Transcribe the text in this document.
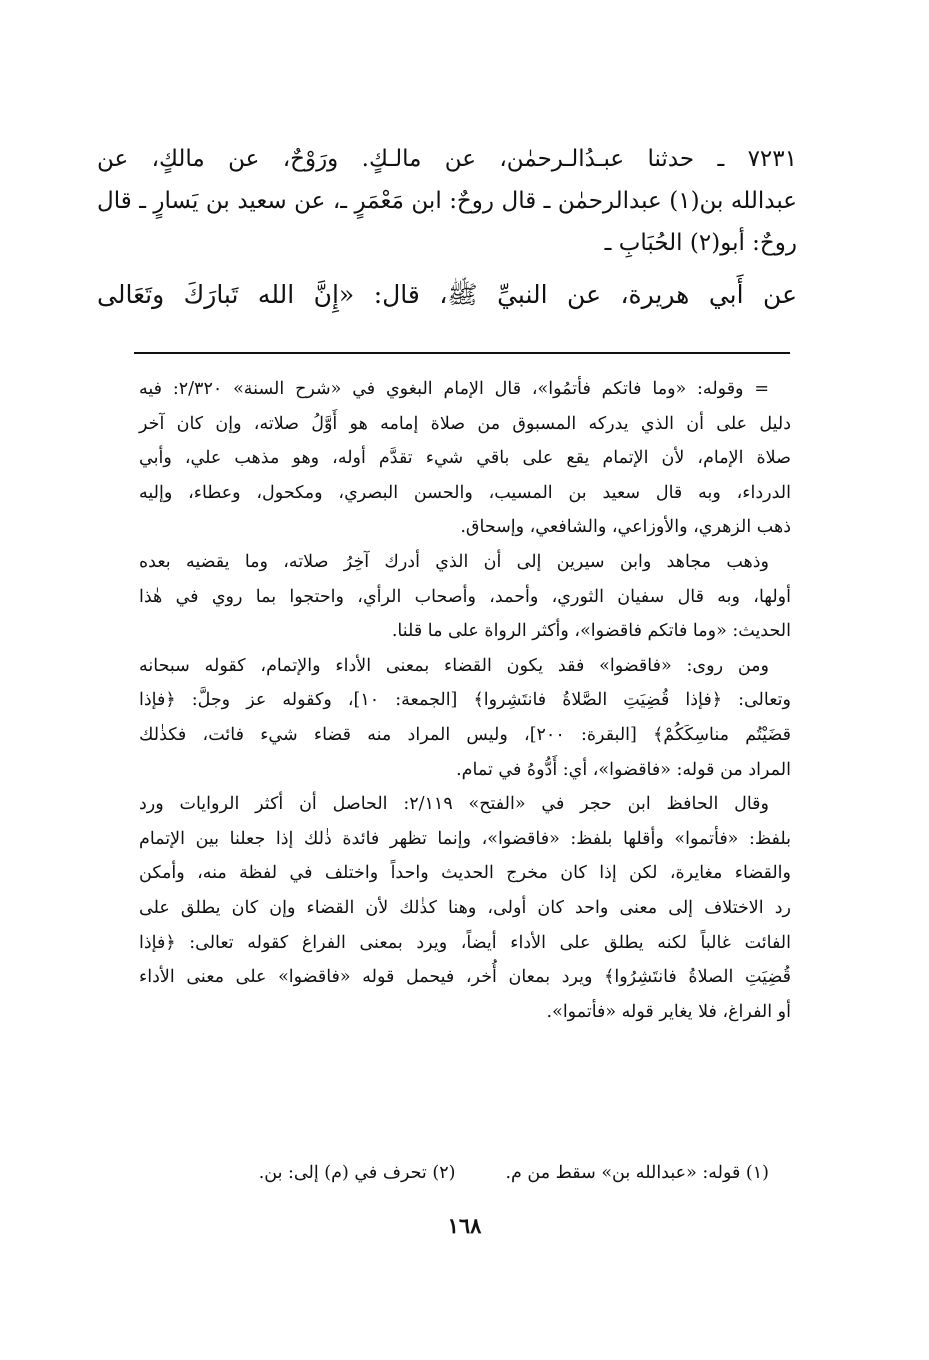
٧٢٣١ ـ حدثنا عبـدُالـرحمٰن، عن مالـكٍ. ورَوْحٌ، عن مالكٍ، عن
عبدالله بن(١) عبدالرحمٰن ـ قال روحٌ: ابن مَعْمَرٍ ـ، عن سعيد بن يَسارٍ ـ قال
روحٌ: أبو(٢) الحُبَابِ ـ
عن أَبي هريرة، عن النبيِّ ﷺ، قال: «إِنَّ الله تَبارَكَ وتَعَالى
= وقوله: «وما فاتكم فأتمُوا»، قال الإمام البغوي في «شرح السنة» ٢/٣٢٠: فيه
دليل على أن الذي يدركه المسبوق من صلاة إمامه هو أَوَّلُ صلاته، وإن كان آخر
صلاة الإمام، لأن الإتمام يقع على باقي شيء تقدَّم أوله، وهو مذهب علي، وأبي
الدرداء، وبه قال سعيد بن المسيب، والحسن البصري، ومكحول، وعطاء، وإليه
ذهب الزهري، والأوزاعي، والشافعي، وإسحاق.
وذهب مجاهد وابن سيرين إلى أن الذي أدرك آخِرُ صلاته، وما يقضيه بعده
أولها، وبه قال سفيان الثوري، وأحمد، وأصحاب الرأي، واحتجوا بما روي في هٰذا
الحديث: «وما فاتكم فاقضوا»، وأكثر الرواة على ما قلنا.
ومن روى: «فاقضوا» فقد يكون القضاء بمعنى الأداء والإتمام، كقوله سبحانه
وتعالى: ﴿فإذا قُضِيَتِ الصَّلاةُ فانتَشِروا﴾ [الجمعة: ١٠]، وكقوله عز وجلَّ: ﴿فإذا
قضَيْتُم مناسِكَكُمْ﴾ [البقرة: ٢٠٠]، وليس المراد منه قضاء شيء فائت، فكذٰلك
المراد من قوله: «فاقضوا»، أي: أَدُّوهُ في تمام.
وقال الحافظ ابن حجر في «الفتح» ٢/١١٩: الحاصل أن أكثر الروايات ورد
بلفظ: «فأتموا» وأقلها بلفظ: «فاقضوا»، وإنما تظهر فائدة ذٰلك إذا جعلنا بين الإتمام
والقضاء مغايرة، لكن إذا كان مخرج الحديث واحداً واختلف في لفظة منه، وأمكن
رد الاختلاف إلى معنى واحد كان أولى، وهنا كذٰلك لأن القضاء وإن كان يطلق على
الفائت غالباً لكنه يطلق على الأداء أيضاً، ويرد بمعنى الفراغ كقوله تعالى: ﴿فإذا
قُضِيَتِ الصلاةُ فانتَشِرُوا﴾ ويرد بمعان أُخر، فيحمل قوله «فاقضوا» على معنى الأداء
أو الفراغ، فلا يغاير قوله «فأتموا».
(١) قوله: «عبدالله بن» سقط من م.(٢) تحرف في (م) إلى: بن.
١٦٨
